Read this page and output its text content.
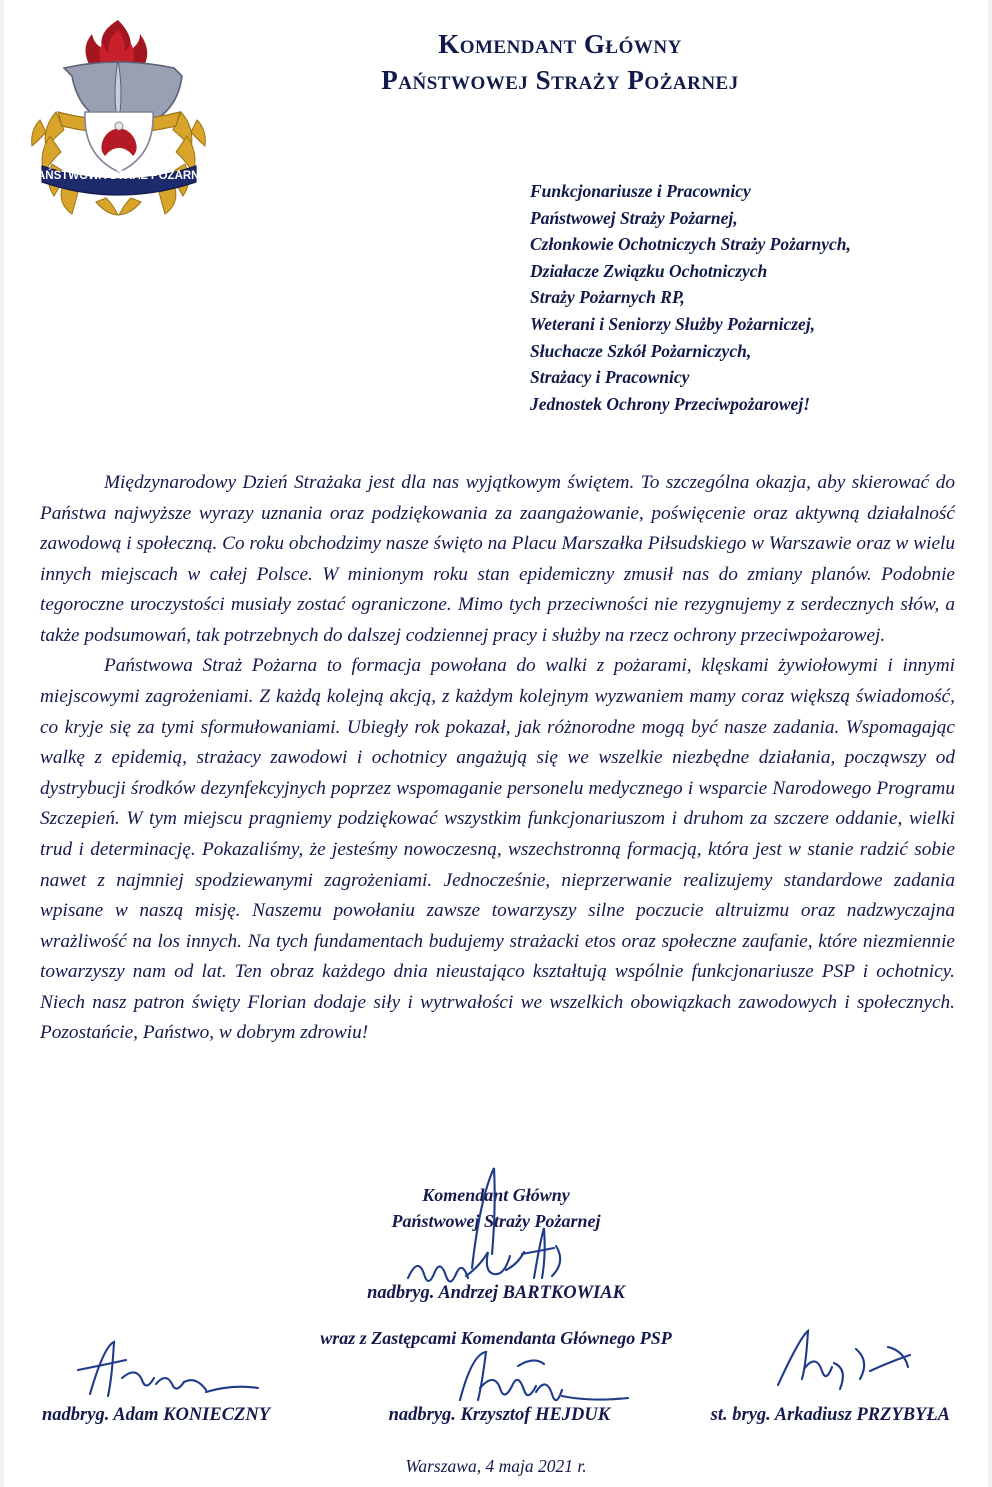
PAŃSTWOWA STRAŻ POŻARNA
Komendant Główny
Państwowej Straży Pożarnej
Funkcjonariusze i Pracownicy
Państwowej Straży Pożarnej,
Członkowie Ochotniczych Straży Pożarnych,
Działacze Związku Ochotniczych
Straży Pożarnych RP,
Weterani i Seniorzy Służby Pożarniczej,
Słuchacze Szkół Pożarniczych,
Strażacy i Pracownicy
Jednostek Ochrony Przeciwpożarowej!

Międzynarodowy Dzień Strażaka jest dla nas wyjątkowym świętem. To szczególna okazja, aby skierować do Państwa najwyższe wyrazy uznania oraz podziękowania za zaangażowanie, poświęcenie oraz aktywną działalność zawodową i społeczną. Co roku obchodzimy nasze święto na Placu Marszałka Piłsudskiego w Warszawie oraz w wielu innych miejscach w całej Polsce. W minionym roku stan epidemiczny zmusił nas do zmiany planów. Podobnie tegoroczne uroczystości musiały zostać ograniczone. Mimo tych przeciwności nie rezygnujemy z serdecznych słów, a także podsumowań, tak potrzebnych do dalszej codziennej pracy i służby na rzecz ochrony przeciwpożarowej.

Państwowa Straż Pożarna to formacja powołana do walki z pożarami, klęskami żywiołowymi i innymi miejscowymi zagrożeniami. Z każdą kolejną akcją, z każdym kolejnym wyzwaniem mamy coraz większą świadomość, co kryje się za tymi sformułowaniami. Ubiegły rok pokazał, jak różnorodne mogą być nasze zadania. Wspomagając walkę z epidemią, strażacy zawodowi i ochotnicy angażują się we wszelkie niezbędne działania, począwszy od dystrybucji środków dezynfekcyjnych poprzez wspomaganie personelu medycznego i wsparcie Narodowego Programu Szczepień. W tym miejscu pragniemy podziękować wszystkim funkcjonariuszom i druhom za szczere oddanie, wielki trud i determinację. Pokazaliśmy, że jesteśmy nowoczesną, wszechstronną formacją, która jest w stanie radzić sobie nawet z najmniej spodziewanymi zagrożeniami. Jednocześnie, nieprzerwanie realizujemy standardowe zadania wpisane w naszą misję. Naszemu powołaniu zawsze towarzyszy silne poczucie altruizmu oraz nadzwyczajna wrażliwość na los innych. Na tych fundamentach budujemy strażacki etos oraz społeczne zaufanie, które niezmiennie towarzyszy nam od lat. Ten obraz każdego dnia nieustająco kształtują wspólnie funkcjonariusze PSP i ochotnicy. Niech nasz patron święty Florian dodaje siły i wytrwałości we wszelkich obowiązkach zawodowych i społecznych. Pozostańcie, Państwo, w dobrym zdrowiu!

Komendant Główny
Państwowej Straży Pożarnej
nadbryg. Andrzej BARTKOWIAK
wraz z Zastępcami Komendanta Głównego PSP
nadbryg. Adam KONIECZNY	nadbryg. Krzysztof HEJDUK	st. bryg. Arkadiusz PRZYBYŁA
Warszawa, 4 maja 2021 r.
